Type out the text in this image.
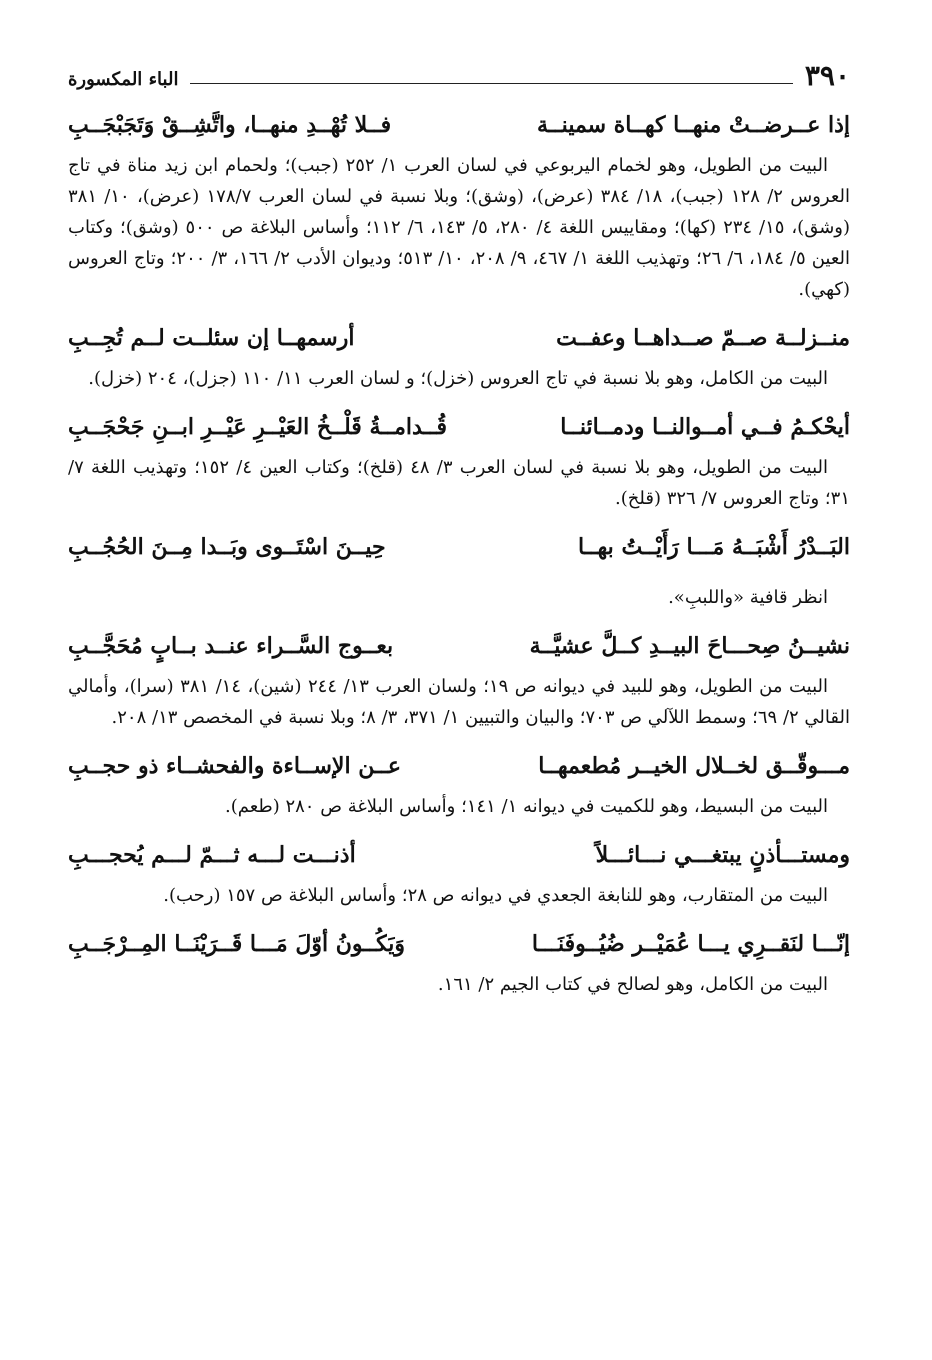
٣٩٠
الباء المكسورة
إذا عــرضــتْ منهــا كهــاة سمينــة
فــلا تُهْــدِ منهــا، واتَّشِــقْ وَتَجَبْجَــبِ

البيت من الطويل، وهو لخمام اليربوعي في لسان العرب ١/ ٢٥٢ (جبب)؛ ولحمام ابن زيد مناة في تاج العروس ٢/ ١٢٨ (جبب)، ١٨/ ٣٨٤ (عرض)، (وشق)؛ وبلا نسبة في لسان العرب ١٧٨/٧ (عرض)، ١٠/ ٣٨١ (وشق)، ١٥/ ٢٣٤ (كها)؛ ومقاييس اللغة ٤/ ٢٨٠، ٥/ ١٤٣، ٦/ ١١٢؛ وأساس البلاغة ص ٥٠٠ (وشق)؛ وكتاب العين ٥/ ١٨٤، ٦/ ٢٦؛ وتهذيب اللغة ١/ ٤٦٧، ٩/ ٢٠٨، ١٠/ ٥١٣؛ وديوان الأدب ٢/ ١٦٦، ٣/ ٢٠٠؛ وتاج العروس (كهي).

منــزلــة صــمّ صــداهــا وعفــت
أرسمهــا إن سئلــت لــم تُجِــبِ

البيت من الكامل، وهو بلا نسبة في تاج العروس (خزل)؛ و لسان العرب ١١/ ١١٠ (جزل)، ٢٠٤ (خزل).

أيحْكـمُ فــي أمــوالنــا ودمــائنــا
قُــدامــةُ قَلْــخُ العَيْــرِ عَيْــرِ ابــنِ جَحْجَــبِ

البيت من الطويل، وهو بلا نسبة في لسان العرب ٣/ ٤٨ (قلخ)؛ وكتاب العين ٤/ ١٥٢؛ وتهذيب اللغة ٧/ ٣١؛ وتاج العروس ٧/ ٣٢٦ (قلخ).

البَــدْرُ أَشْبَــهُ مَـــا رَأَيْــتُ بهــا
حِيــنَ اسْتَــوى وبَــدا مِــنَ الحُجُــبِ

انظر قافية «واللببِ».

نشيــنُ صِحـــاحَ البيــدِ كــلَّ عشيَّــة
بعــوج السَّــراء عنــد بــابٍ مُحَجَّــبِ

البيت من الطويل، وهو للبيد في ديوانه ص ١٩؛ ولسان العرب ١٣/ ٢٤٤ (شين)، ١٤/ ٣٨١ (سرا)، وأمالي القالي ٢/ ٦٩؛ وسمط اللآلي ص ٧٠٣؛ والبيان والتبيين ١/ ٣٧١، ٣/ ٨؛ وبلا نسبة في المخصص ١٣/ ٢٠٨.

مـــوقّــق لخــلال الخيــر مُطعمهــا
عــن الإســاءة والفحشــاء ذو حجــبِ

البيت من البسيط، وهو للكميت في ديوانه ١/ ١٤١؛ وأساس البلاغة ص ٢٨٠ (طعم).

ومستـــأذنٍ يبتغـــي نـــائـــلاً
أذنـــت لـــه ثـــمّ لـــم يُحجـــبِ

البيت من المتقارب، وهو للنابغة الجعدي في ديوانه ص ٢٨؛ وأساس البلاغة ص ١٥٧ (رحب).

إنّـــا لنَقــرِي يـــا عُمَيْــر ضُيُــوفَنَـــا
وَيَكُــونُ أوّلَ مَـــا قَــرَيْنَــا المِــرْجَــبِ

البيت من الكامل، وهو لصالح في كتاب الجيم ٢/ ١٦١.
